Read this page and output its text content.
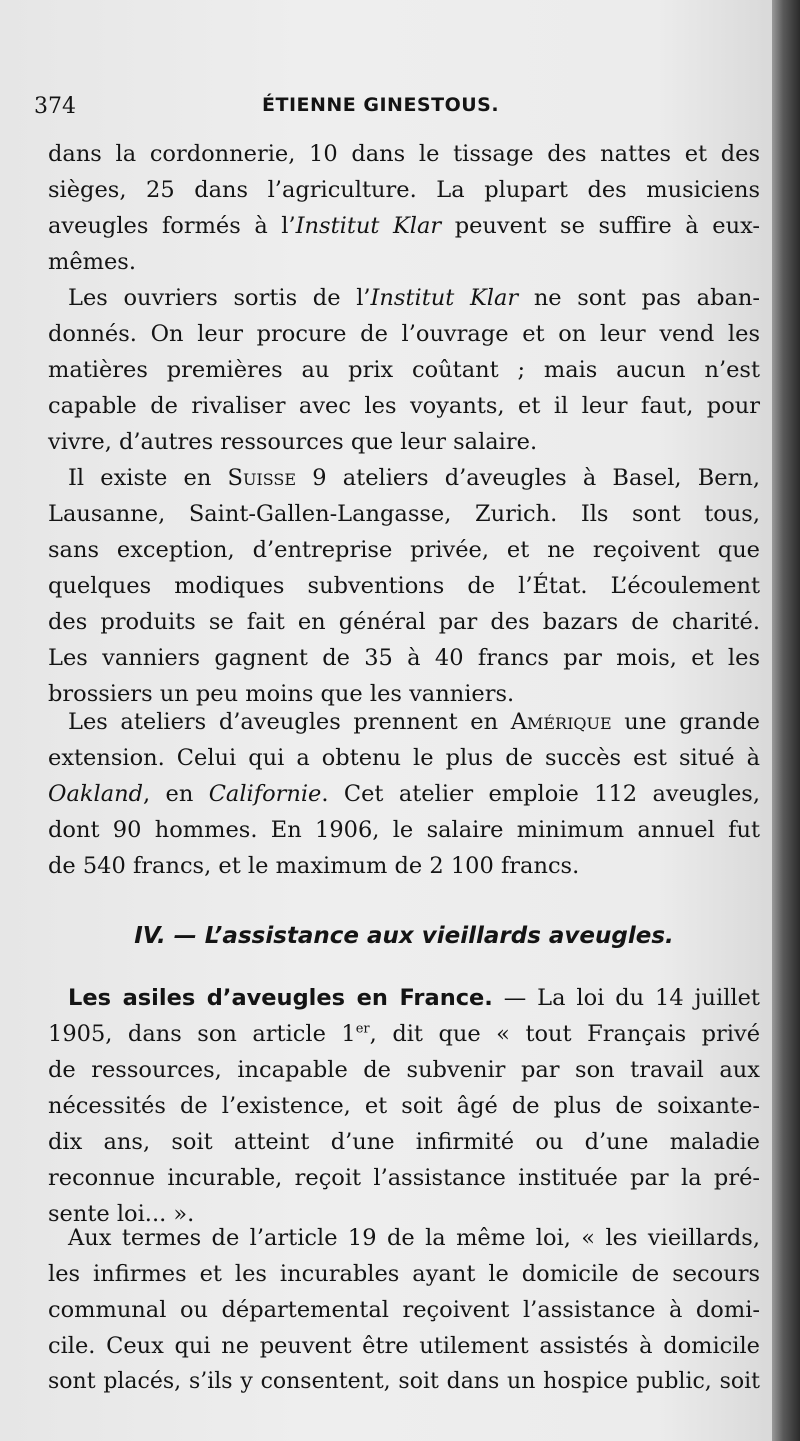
374	ÉTIENNE GINESTOUS.
dans la cordonnerie, 10 dans le tissage des nattes et des
sièges, 25 dans l’agriculture. La plupart des musiciens
aveugles formés à l’Institut Klar peuvent se suffire à eux-
mêmes.
Les ouvriers sortis de l’Institut Klar ne sont pas aban-
donnés. On leur procure de l’ouvrage et on leur vend les
matières premières au prix coûtant ; mais aucun n’est
capable de rivaliser avec les voyants, et il leur faut, pour
vivre, d’autres ressources que leur salaire.
Il existe en Suisse 9 ateliers d’aveugles à Basel, Bern,
Lausanne, Saint-Gallen-Langasse, Zurich. Ils sont tous,
sans exception, d’entreprise privée, et ne reçoivent que
quelques modiques subventions de l’État. L’écoulement
des produits se fait en général par des bazars de charité.
Les vanniers gagnent de 35 à 40 francs par mois, et les
brossiers un peu moins que les vanniers.
Les ateliers d’aveugles prennent en Amérique une grande
extension. Celui qui a obtenu le plus de succès est situé à
Oakland, en Californie. Cet atelier emploie 112 aveugles,
dont 90 hommes. En 1906, le salaire minimum annuel fut
de 540 francs, et le maximum de 2 100 francs.
IV. — L’assistance aux vieillards aveugles.
Les asiles d’aveugles en France. — La loi du 14 juillet
1905, dans son article 1er, dit que « tout Français privé
de ressources, incapable de subvenir par son travail aux
nécessités de l’existence, et soit âgé de plus de soixante-
dix ans, soit atteint d’une infirmité ou d’une maladie
reconnue incurable, reçoit l’assistance instituée par la pré-
sente loi... ».
Aux termes de l’article 19 de la même loi, « les vieillards,
les infirmes et les incurables ayant le domicile de secours
communal ou départemental reçoivent l’assistance à domi-
cile. Ceux qui ne peuvent être utilement assistés à domicile
sont placés, s’ils y consentent, soit dans un hospice public, soit
